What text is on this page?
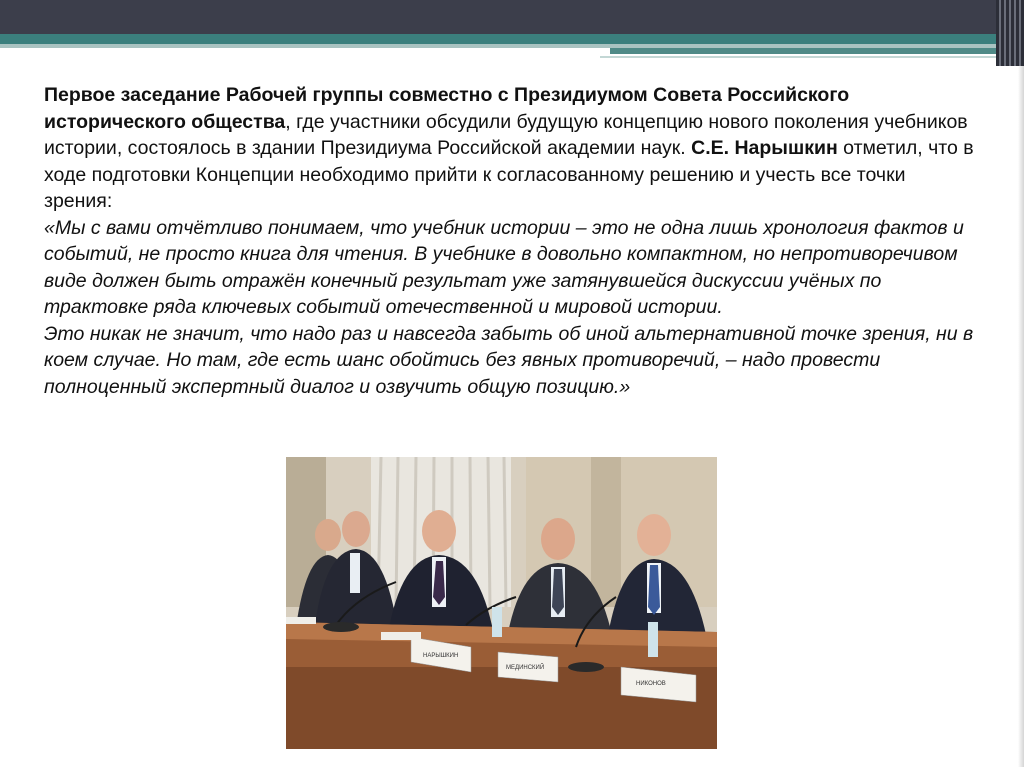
Первое заседание Рабочей группы совместно с Президиумом Совета Российского исторического общества, где участники обсудили будущую концепцию нового поколения учебников истории, состоялось в здании Президиума Российской академии наук. С.Е. Нарышкин отметил, что в ходе подготовки Концепции необходимо прийти к согласованному решению и учесть все точки зрения:

«Мы с вами отчётливо понимаем, что учебник истории – это не одна лишь хронология фактов и событий, не просто книга для чтения. В учебнике в довольно компактном, но непротиворечивом виде должен быть отражён конечный результат уже затянувшейся дискуссии учёных по трактовке ряда ключевых событий отечественной и мировой истории.

Это никак не значит, что надо раз и навсегда забыть об иной альтернативной точке зрения, ни в коем случае. Но там, где есть шанс обойтись без явных противоречий, – надо провести полноценный экспертный диалог и озвучить общую позицию.»

НАРЫШКИН
МЕДИНСКИЙ
НИКОНОВ
